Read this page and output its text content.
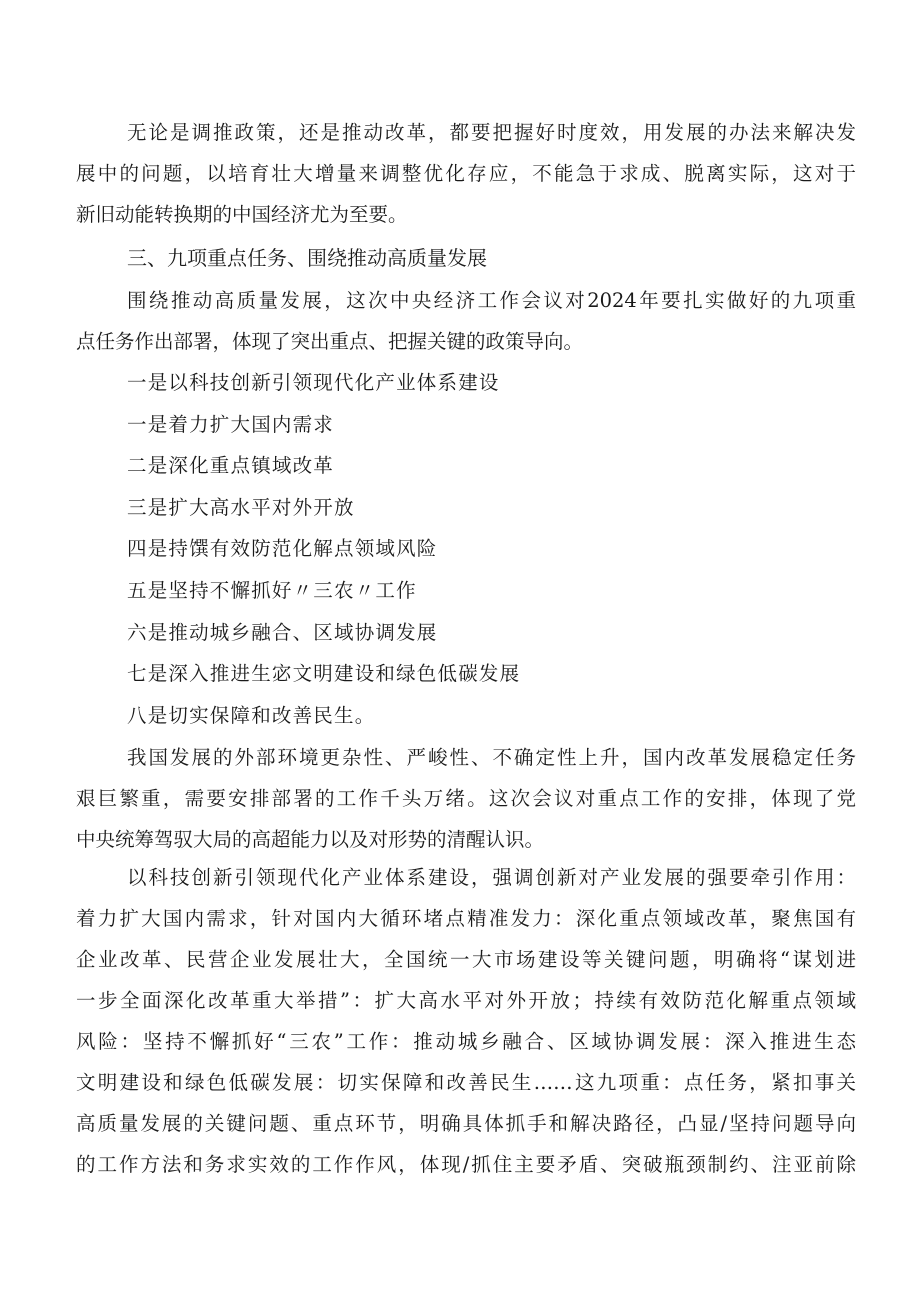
无论是调推政策，还是推动改革，都要把握好时度效，用发展的办法来解决发
展中的问题，以培育壮大增量来调整优化存应，不能急于求成、脱离实际，这对于
新旧动能转换期的中国经济尤为至要。
三、九项重点任务、围绕推动高质量发展
围绕推动高质量发展，这次中央经济工作会议对2024年要扎实做好的九项重
点任务作出部署，体现了突出重点、把握关键的政策导向。
一是以科技创新引领现代化产业体系建设
一是着力扩大国内需求
二是深化重点镇域改革
三是扩大高水平对外开放
四是持馔有效防范化解点领域风险
五是坚持不懈抓好〃三农〃工作
六是推动城乡融合、区域协调发展
七是深入推进生宓文明建设和绿色低碳发展
八是切实保障和改善民生。
我国发展的外部环境更杂性、严峻性、不确定性上升，国内改革发展稳定任务
艰巨繁重，需要安排部署的工作千头万绪。这次会议对重点工作的安排，体现了党
中央统筹驾驭大局的高超能力以及对形势的清醒认识。
以科技创新引领现代化产业体系建设，强调创新对产业发展的强要牵引作用：
着力扩大国内需求，针对国内大循环堵点精准发力：深化重点领域改革，聚焦国有
企业改革、民营企业发展壮大，全国统一大市场建设等关键问题，明确将“谋划进
一步全面深化改革重大举措”：扩大高水平对外开放；持续有效防范化解重点领域
风险：坚持不懈抓好“三农”工作：推动城乡融合、区域协调发展：深入推进生态
文明建设和绿色低碳发展：切实保障和改善民生……这九项重：点任务，紧扣事关
高质量发展的关键问题、重点环节，明确具体抓手和解决路径，凸显/坚持问题导向
的工作方法和务求实效的工作作风，体现/抓住主要矛盾、突破瓶颈制约、注亚前除
